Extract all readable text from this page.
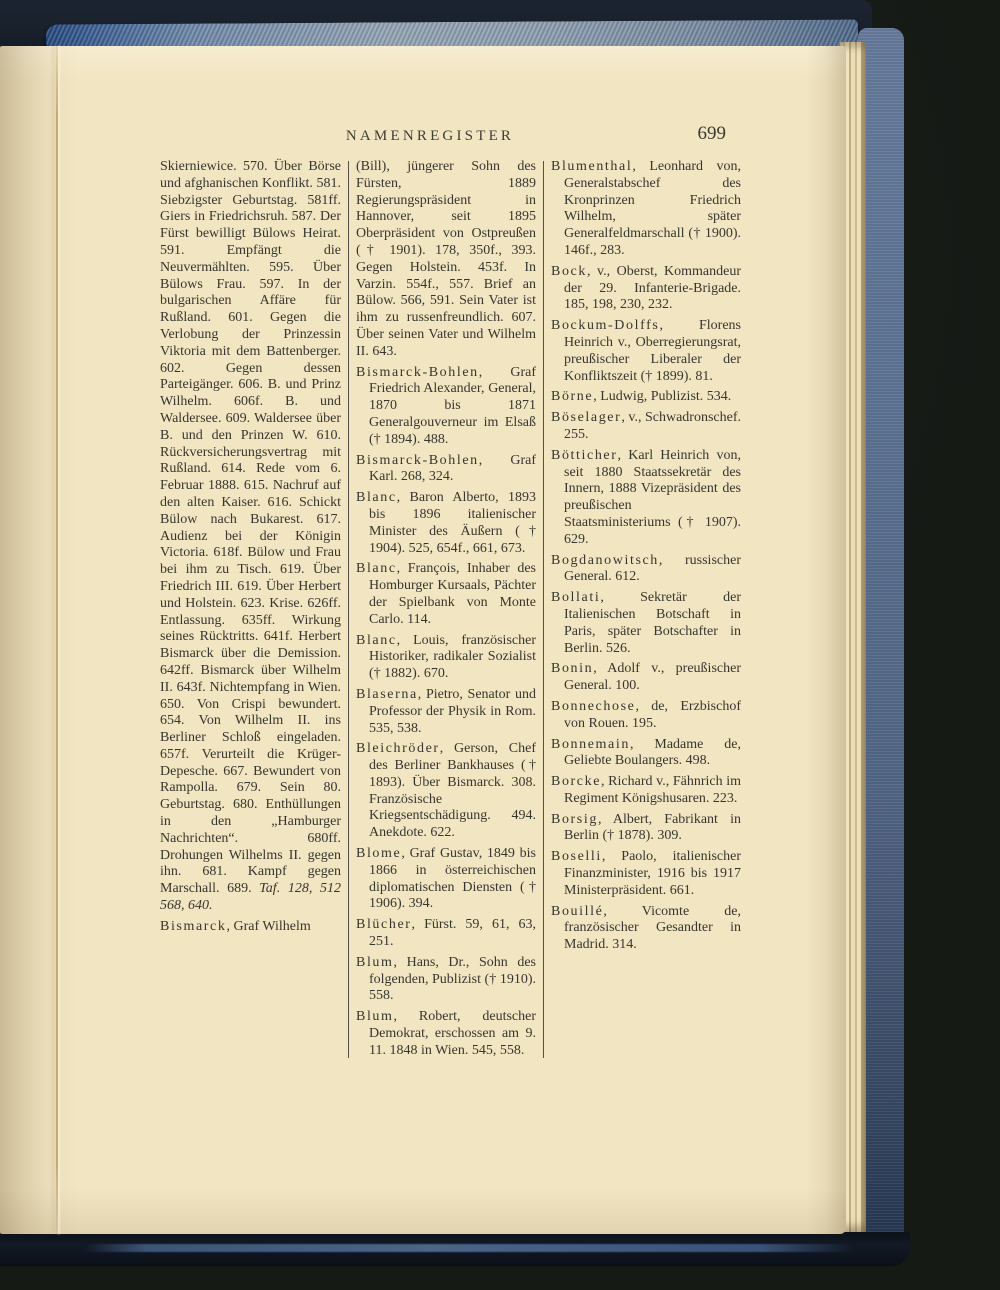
NAMENREGISTER	699
Skierniewice. 570. Über Börse und afghanischen Konflikt. 581. Siebzigster Geburtstag. 581ff. Giers in Friedrichsruh. 587. Der Fürst bewilligt Bülows Heirat. 591. Empfängt die Neuvermählten. 595. Über Bülows Frau. 597. In der bulgarischen Affäre für Rußland. 601. Gegen die Verlobung der Prinzessin Viktoria mit dem Battenberger. 602. Gegen dessen Parteigänger. 606. B. und Prinz Wilhelm. 606f. B. und Waldersee. 609. Waldersee über B. und den Prinzen W. 610. Rückversicherungsvertrag mit Rußland. 614. Rede vom 6. Februar 1888. 615. Nachruf auf den alten Kaiser. 616. Schickt Bülow nach Bukarest. 617. Audienz bei der Königin Victoria. 618f. Bülow und Frau bei ihm zu Tisch. 619. Über Friedrich III. 619. Über Herbert und Holstein. 623. Krise. 626ff. Entlassung. 635ff. Wirkung seines Rücktritts. 641f. Herbert Bismarck über die Demission. 642ff. Bismarck über Wilhelm II. 643f. Nichtempfang in Wien. 650. Von Crispi bewundert. 654. Von Wilhelm II. ins Berliner Schloß eingeladen. 657f. Verurteilt die Krüger-Depesche. 667. Bewundert von Rampolla. 679. Sein 80. Geburtstag. 680. Enthüllungen in den „Hamburger Nachrichten“. 680ff. Drohungen Wilhelms II. gegen ihn. 681. Kampf gegen Marschall. 689. Taf. 128, 512 568, 640.
Bismarck, Graf Wilhelm
(Bill), jüngerer Sohn des Fürsten, 1889 Regierungspräsident in Hannover, seit 1895 Oberpräsident von Ostpreußen († 1901). 178, 350f., 393. Gegen Holstein. 453f. In Varzin. 554f., 557. Brief an Bülow. 566, 591. Sein Vater ist ihm zu russenfreundlich. 607. Über seinen Vater und Wilhelm II. 643.
Bismarck-Bohlen, Graf Friedrich Alexander, General, 1870 bis 1871 Generalgouverneur im Elsaß († 1894). 488.
Bismarck-Bohlen, Graf Karl. 268, 324.
Blanc, Baron Alberto, 1893 bis 1896 italienischer Minister des Äußern († 1904). 525, 654f., 661, 673.
Blanc, François, Inhaber des Homburger Kursaals, Pächter der Spielbank von Monte Carlo. 114.
Blanc, Louis, französischer Historiker, radikaler Sozialist († 1882). 670.
Blaserna, Pietro, Senator und Professor der Physik in Rom. 535, 538.
Bleichröder, Gerson, Chef des Berliner Bankhauses († 1893). Über Bismarck. 308. Französische Kriegsentschädigung. 494. Anekdote. 622.
Blome, Graf Gustav, 1849 bis 1866 in österreichischen diplomatischen Diensten († 1906). 394.
Blücher, Fürst. 59, 61, 63, 251.
Blum, Hans, Dr., Sohn des folgenden, Publizist († 1910). 558.
Blum, Robert, deutscher Demokrat, erschossen am 9. 11. 1848 in Wien. 545, 558.
Blumenthal, Leonhard von, Generalstabschef des Kronprinzen Friedrich Wilhelm, später Generalfeldmarschall († 1900). 146f., 283.
Bock, v., Oberst, Kommandeur der 29. Infanterie-Brigade. 185, 198, 230, 232.
Bockum-Dolffs, Florens Heinrich v., Oberregierungsrat, preußischer Liberaler der Konfliktszeit († 1899). 81.
Börne, Ludwig, Publizist. 534.
Böselager, v., Schwadronschef. 255.
Bötticher, Karl Heinrich von, seit 1880 Staatssekretär des Innern, 1888 Vizepräsident des preußischen Staatsministeriums († 1907). 629.
Bogdanowitsch, russischer General. 612.
Bollati, Sekretär der Italienischen Botschaft in Paris, später Botschafter in Berlin. 526.
Bonin, Adolf v., preußischer General. 100.
Bonnechose, de, Erzbischof von Rouen. 195.
Bonnemain, Madame de, Geliebte Boulangers. 498.
Borcke, Richard v., Fähnrich im Regiment Königshusaren. 223.
Borsig, Albert, Fabrikant in Berlin († 1878). 309.
Boselli, Paolo, italienischer Finanzminister, 1916 bis 1917 Ministerpräsident. 661.
Bouillé, Vicomte de, französischer Gesandter in Madrid. 314.
